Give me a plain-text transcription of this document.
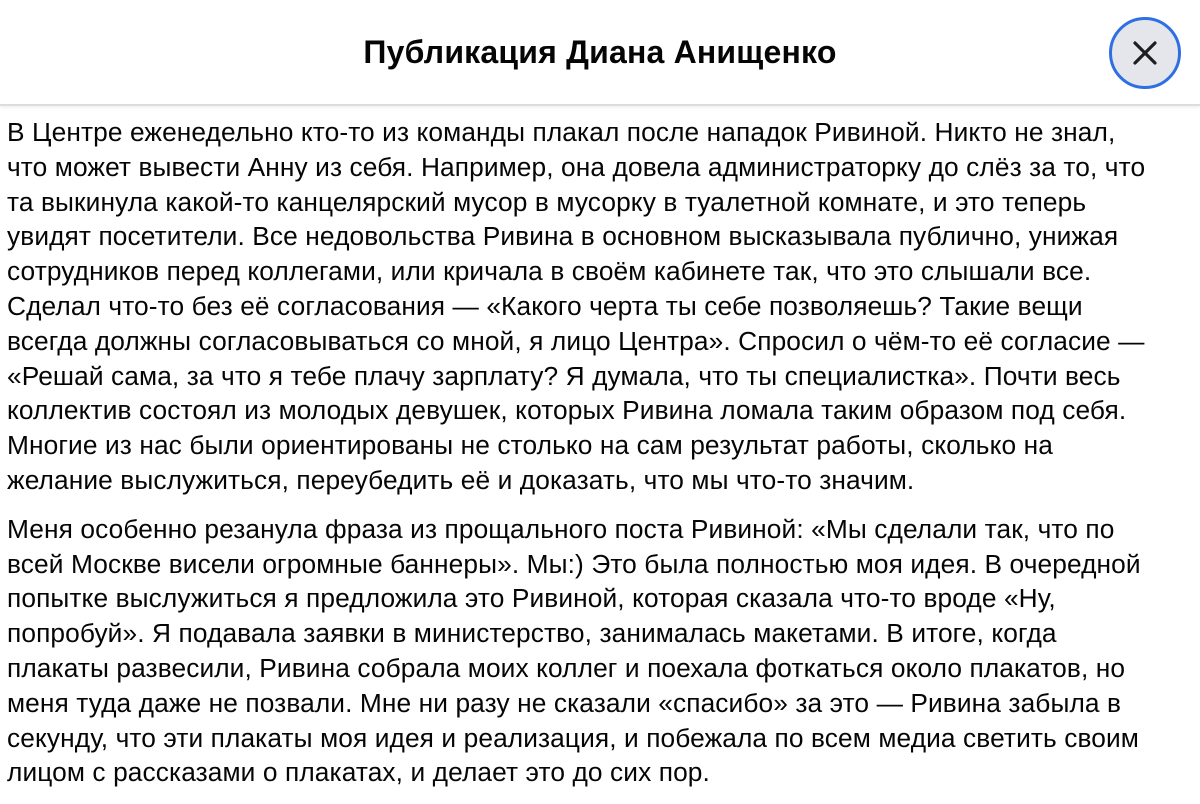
Публикация Диана Анищенко

В Центре еженедельно кто-то из команды плакал после нападок Ривиной. Никто не знал,
что может вывести Анну из себя. Например, она довела администраторку до слёз за то, что
та выкинула какой-то канцелярский мусор в мусорку в туалетной комнате, и это теперь
увидят посетители. Все недовольства Ривина в основном высказывала публично, унижая
сотрудников перед коллегами, или кричала в своём кабинете так, что это слышали все.
Сделал что-то без её согласования — «Какого черта ты себе позволяешь? Такие вещи
всегда должны согласовываться со мной, я лицо Центра». Спросил о чём-то её согласие —
«Решай сама, за что я тебе плачу зарплату? Я думала, что ты специалистка». Почти весь
коллектив состоял из молодых девушек, которых Ривина ломала таким образом под себя.
Многие из нас были ориентированы не столько на сам результат работы, сколько на
желание выслужиться, переубедить её и доказать, что мы что-то значим.

Меня особенно резанула фраза из прощального поста Ривиной: «Мы сделали так, что по
всей Москве висели огромные баннеры». Мы:) Это была полностью моя идея. В очередной
попытке выслужиться я предложила это Ривиной, которая сказала что-то вроде «Ну,
попробуй». Я подавала заявки в министерство, занималась макетами. В итоге, когда
плакаты развесили, Ривина собрала моих коллег и поехала фоткаться около плакатов, но
меня туда даже не позвали. Мне ни разу не сказали «спасибо» за это — Ривина забыла в
секунду, что эти плакаты моя идея и реализация, и побежала по всем медиа светить своим
лицом с рассказами о плакатах, и делает это до сих пор.
